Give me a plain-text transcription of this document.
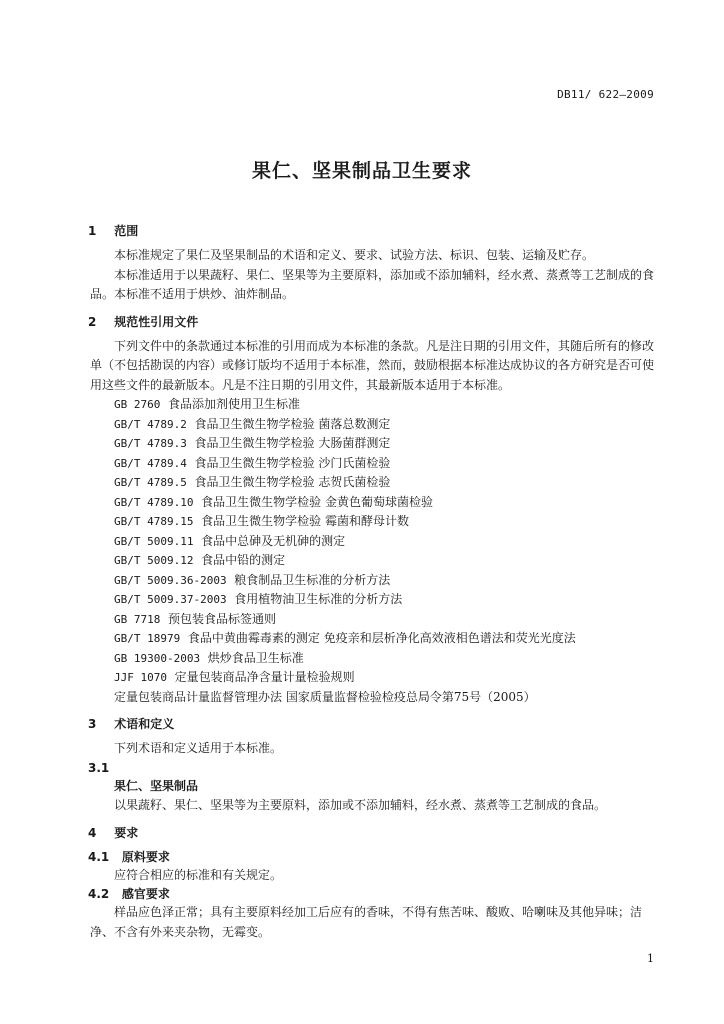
DB11/ 622—2009
果仁、坚果制品卫生要求

1 范围

本标准规定了果仁及坚果制品的术语和定义、要求、试验方法、标识、包装、运输及贮存。

本标准适用于以果蔬籽、果仁、坚果等为主要原料，添加或不添加辅料，经水煮、蒸煮等工艺制成的食品。本标准不适用于烘炒、油炸制品。

2 规范性引用文件

下列文件中的条款通过本标准的引用而成为本标准的条款。凡是注日期的引用文件，其随后所有的修改单（不包括勘误的内容）或修订版均不适用于本标准，然而，鼓励根据本标准达成协议的各方研究是否可使用这些文件的最新版本。凡是不注日期的引用文件，其最新版本适用于本标准。

GB 2760 食品添加剂使用卫生标准

GB/T 4789.2 食品卫生微生物学检验 菌落总数测定

GB/T 4789.3 食品卫生微生物学检验 大肠菌群测定

GB/T 4789.4 食品卫生微生物学检验 沙门氏菌检验

GB/T 4789.5 食品卫生微生物学检验 志贺氏菌检验

GB/T 4789.10 食品卫生微生物学检验 金黄色葡萄球菌检验

GB/T 4789.15 食品卫生微生物学检验 霉菌和酵母计数

GB/T 5009.11 食品中总砷及无机砷的测定

GB/T 5009.12 食品中铅的测定

GB/T 5009.36-2003 粮食制品卫生标准的分析方法

GB/T 5009.37-2003 食用植物油卫生标准的分析方法

GB 7718 预包装食品标签通则

GB/T 18979 食品中黄曲霉毒素的测定 免疫亲和层析净化高效液相色谱法和荧光光度法

GB 19300-2003 烘炒食品卫生标准

JJF 1070 定量包装商品净含量计量检验规则

定量包装商品计量监督管理办法 国家质量监督检验检疫总局令第75号（2005）

3 术语和定义

下列术语和定义适用于本标准。

3.1

果仁、坚果制品

以果蔬籽、果仁、坚果等为主要原料，添加或不添加辅料，经水煮、蒸煮等工艺制成的食品。

4 要求

4.1 原料要求

应符合相应的标准和有关规定。

4.2 感官要求

样品应色泽正常；具有主要原料经加工后应有的香味，不得有焦苦味、酸败、哈喇味及其他异味；洁净、不含有外来夹杂物，无霉变。

1
